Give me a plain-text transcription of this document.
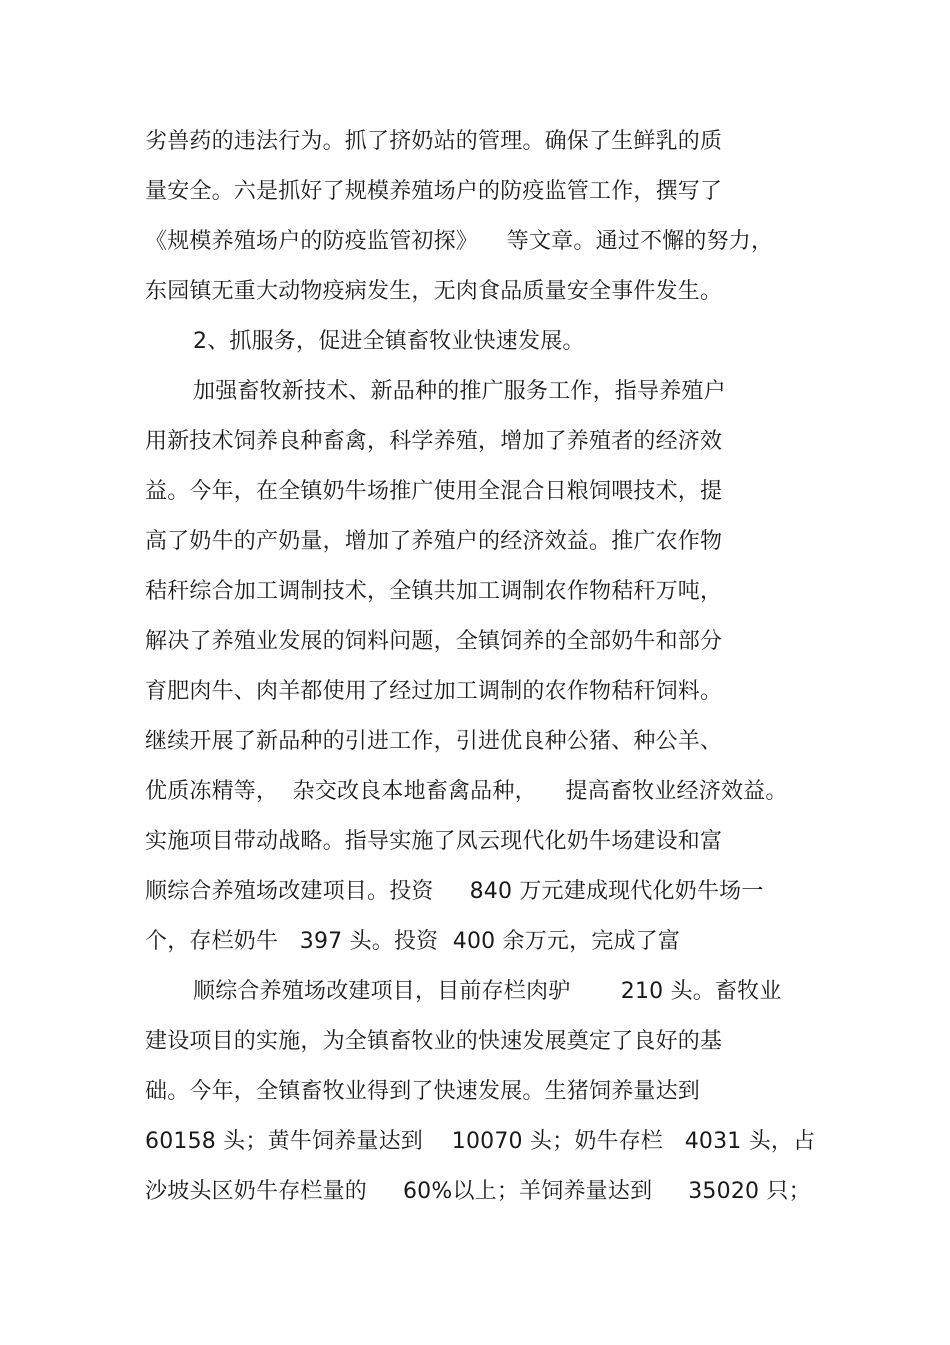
劣兽药的违法行为。抓了挤奶站的管理。确保了生鲜乳的质
量安全。六是抓好了规模养殖场户的防疫监管工作，撰写了
《规模养殖场户的防疫监管初探》    等文章。通过不懈的努力，
东园镇无重大动物疫病发生，无肉食品质量安全事件发生。
2、抓服务，促进全镇畜牧业快速发展。
加强畜牧新技术、新品种的推广服务工作，指导养殖户
用新技术饲养良种畜禽，科学养殖，增加了养殖者的经济效
益。今年，在全镇奶牛场推广使用全混合日粮饲喂技术，提
高了奶牛的产奶量，增加了养殖户的经济效益。推广农作物
秸秆综合加工调制技术，全镇共加工调制农作物秸秆万吨，
解决了养殖业发展的饲料问题，全镇饲养的全部奶牛和部分
育肥肉牛、肉羊都使用了经过加工调制的农作物秸秆饲料。
继续开展了新品种的引进工作，引进优良种公猪、种公羊、
优质冻精等，  杂交改良本地畜禽品种，    提高畜牧业经济效益。
实施项目带动战略。指导实施了凤云现代化奶牛场建设和富
顺综合养殖场改建项目。投资     840 万元建成现代化奶牛场一
个，存栏奶牛   397 头。投资  400 余万元，完成了富
顺综合养殖场改建项目，目前存栏肉驴       210 头。畜牧业
建设项目的实施，为全镇畜牧业的快速发展奠定了良好的基
础。今年，全镇畜牧业得到了快速发展。生猪饲养量达到
60158 头；黄牛饲养量达到    10070 头；奶牛存栏   4031 头，占
沙坡头区奶牛存栏量的     60%以上；羊饲养量达到     35020 只；
